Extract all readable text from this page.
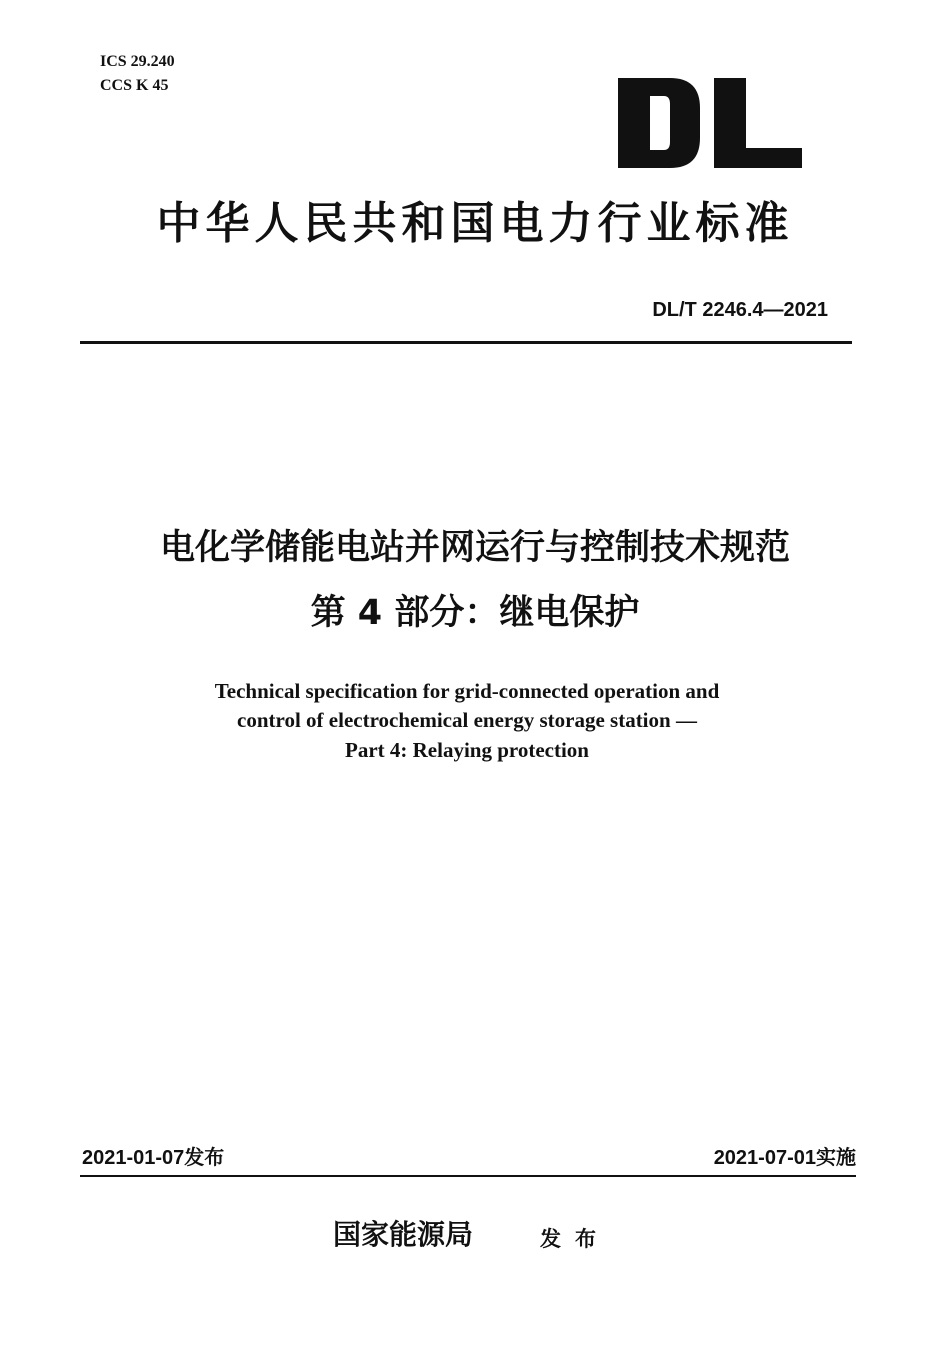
ICS 29.240
CCS K 45
中华人民共和国电力行业标准
DL/T 2246.4—2021
电化学储能电站并网运行与控制技术规范
第 4 部分：继电保护
Technical specification for grid-connected operation and
control of electrochemical energy storage station —
Part 4: Relaying protection
2021-01-07发布	2021-07-01实施
国家能源局	发布
